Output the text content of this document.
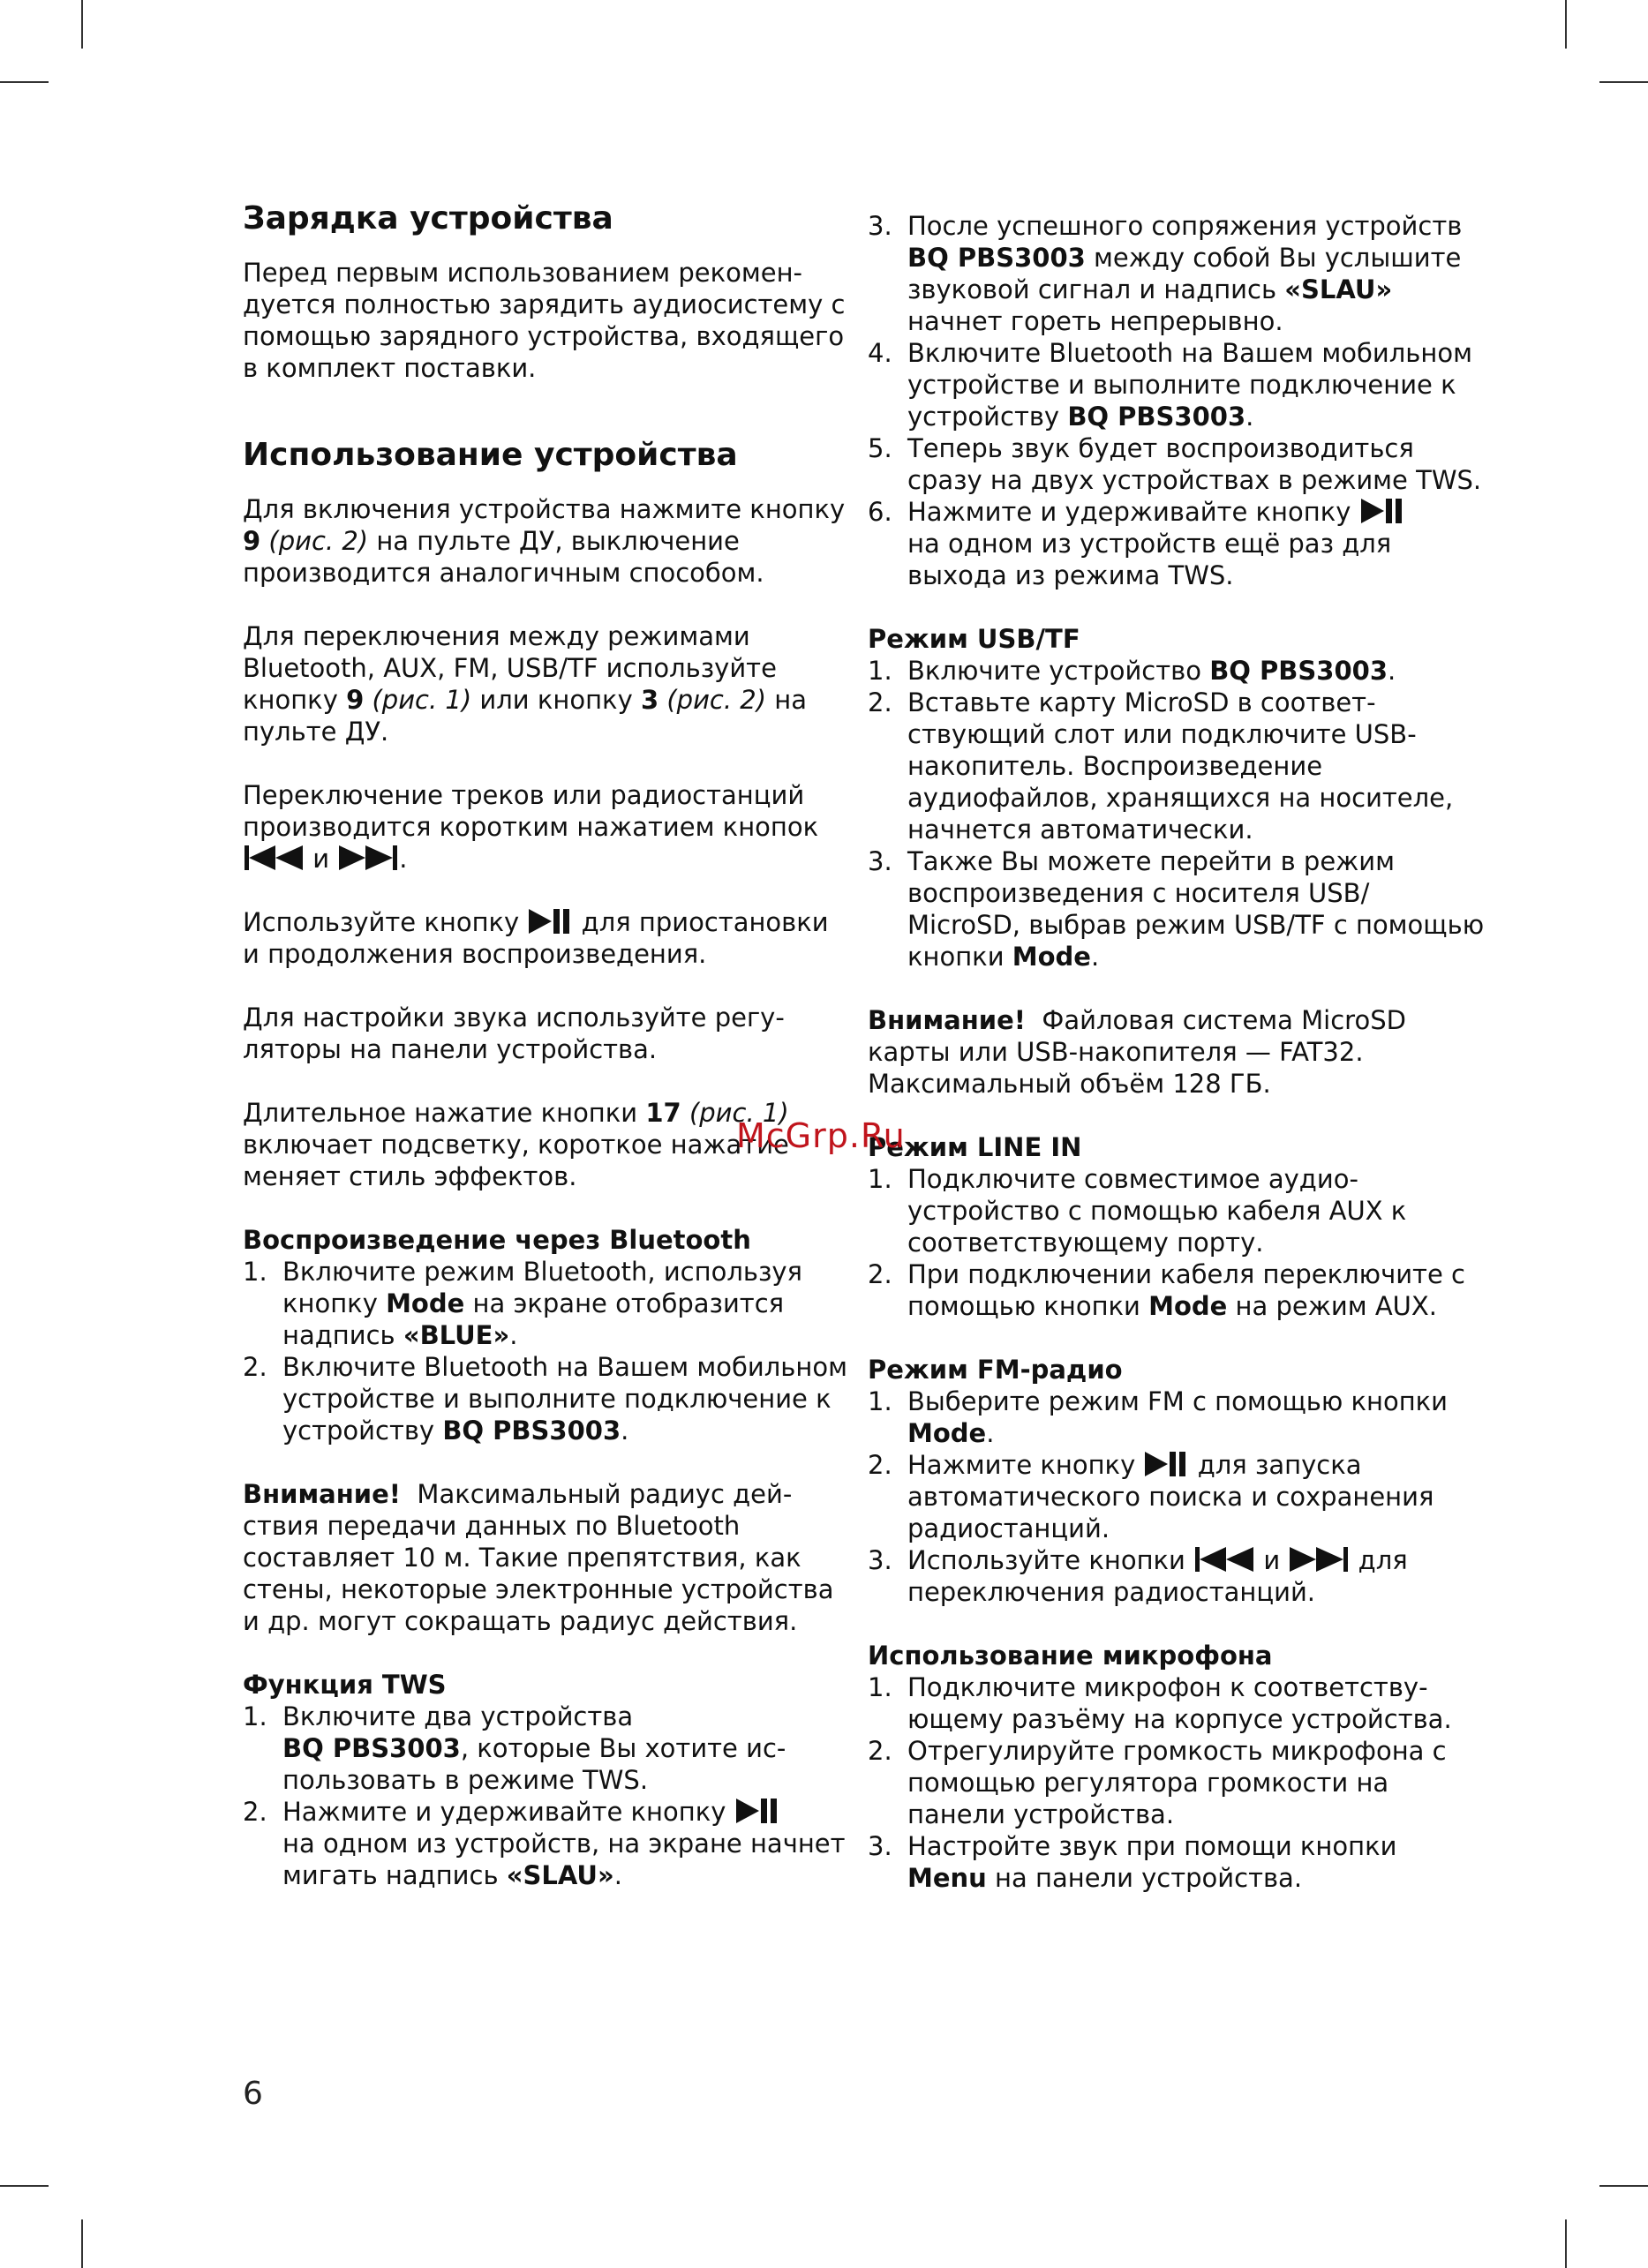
Зарядка устройства

Перед первым использованием рекомендуется полностью зарядить аудиосистему с помощью зарядного устройства, входящего в комплект поставки.

Использование устройства

Для включения устройства нажмите кнопку 9 (рис. 2) на пульте ДУ, выключение производится аналогичным способом.

Для переключения между режимами Bluetooth, AUX, FM, USB/TF используйте кнопку 9 (рис. 1) или кнопку 3 (рис. 2) на пульте ДУ.

Переключение треков или радиостанций производится коротким нажатием кнопок

и	.

Используйте кнопку для приостановки и продолжения воспроизведения.

Для настройки звука используйте регуляторы на панели устройства.

Длительное нажатие кнопки 17 (рис. 1) включает подсветку, короткое нажатие меняет стиль эффектов.

Воспроизведение через Bluetooth
1. Включите режим Bluetooth, используя кнопку Mode на экране отобразится надпись «BLUE».
2. Включите Bluetooth на Вашем мобильном устройстве и выполните подключение к устройству BQ PBS3003.

Внимание! Максимальный радиус действия передачи данных по Bluetooth составляет 10 м. Такие препятствия, как стены, некоторые электронные устройства и др. могут сокращать радиус действия.

Функция TWS
1. Включите два устройства
BQ PBS3003, которые Вы хотите использовать в режиме TWS.
2. Нажмите и удерживайте кнопку

на одном из устройств, на экране начнет мигать надпись «SLAU».
3. После успешного сопряжения устройств BQ PBS3003 между собой Вы услышите звуковой сигнал и надпись «SLAU» начнет гореть непрерывно.
4. Включите Bluetooth на Вашем мобильном устройстве и выполните подключение к устройству BQ PBS3003.
5. Теперь звук будет воспроизводиться сразу на двух устройствах в режиме TWS.
6. Нажмите и удерживайте кнопку

на одном из устройств ещё раз для выхода из режима TWS.
Режим USB/TF
1. Включите устройство BQ PBS3003.
2. Вставьте карту MicroSD в соответствующий слот или подключите USB-накопитель. Воспроизведение аудиофайлов, хранящихся на носителе, начнется автоматически.
3. Также Вы можете перейти в режим воспроизведения с носителя USB/ MicroSD, выбрав режим USB/TF с помощью кнопки Mode.

Внимание! Файловая система MicroSD карты или USB-накопителя — FAT32. Максимальный объём 128 ГБ.

Режим LINE IN
1. Подключите совместимое аудиоустройство с помощью кабеля AUX к соответствующему порту.
2. При подключении кабеля переключите с помощью кнопки Mode на режим AUX.
Режим FM-радио
1. Выберите режим FM с помощью кнопки Mode.
2. Нажмите кнопку для запуска автоматического поиска и сохранения радиостанций.
3. Используйте кнопки	и	для переключения радиостанций.
Использование микрофона
1. Подключите микрофон к соответствующему разъёму на корпусе устройства.
2. Отрегулируйте громкость микрофона с помощью регулятора громкости на панели устройства.
3. Настройте звук при помощи кнопки
Menu на панели устройства.
McGrp.Ru
6
